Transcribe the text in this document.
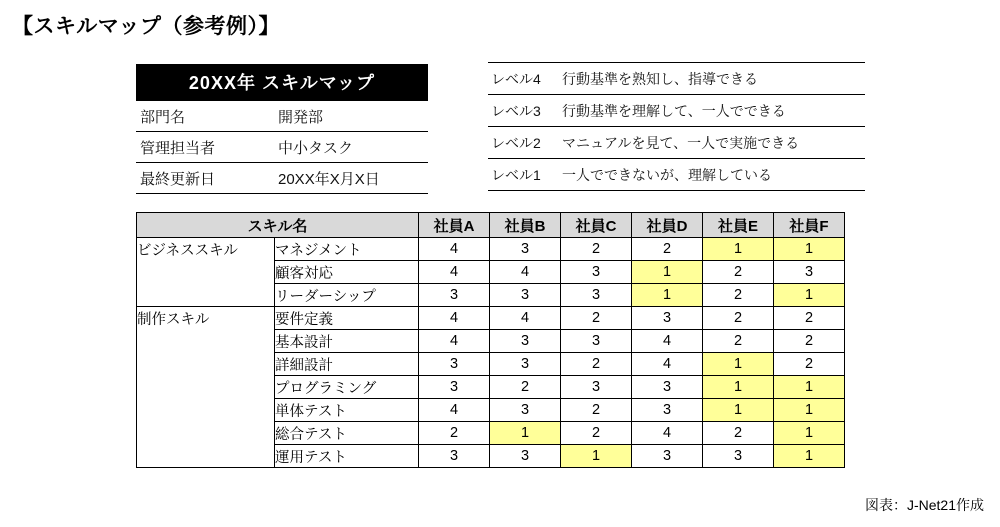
【スキルマップ（参考例）】
20XX年 スキルマップ
部門名	開発部
管理担当者	中小タスク
最終更新日	20XX年X月X日
レベル4	行動基準を熟知し、指導できる
レベル3	行動基準を理解して、一人でできる
レベル2	マニュアルを見て、一人で実施できる
レベル1	一人でできないが、理解している
スキル名		社員A	社員B	社員C	社員D	社員E	社員F
ビジネススキル	マネジメント	4	3	2	2	1	1
	顧客対応	4	4	3	1	2	3
	リーダーシップ	3	3	3	1	2	1
制作スキル	要件定義	4	4	2	3	2	2
	基本設計	4	3	3	4	2	2
	詳細設計	3	3	2	4	1	2
	プログラミング	3	2	3	3	1	1
	単体テスト	4	3	2	3	1	1
	総合テスト	2	1	2	4	2	1
	運用テスト	3	3	1	3	3	1
図表：J-Net21作成
